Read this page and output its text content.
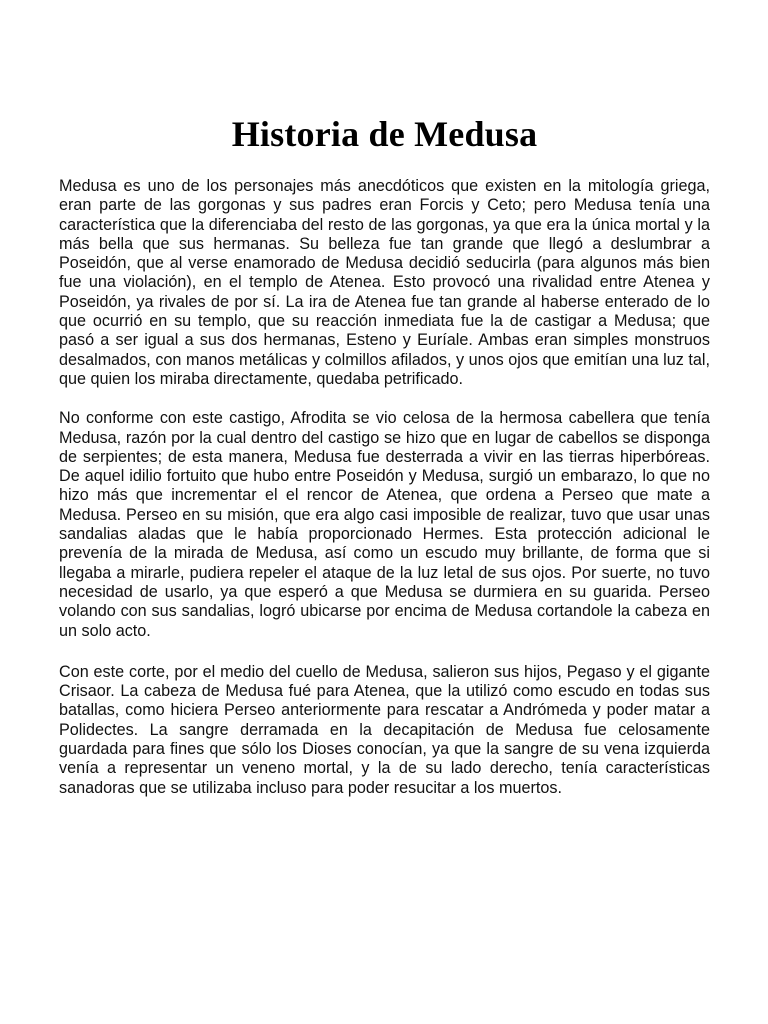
Historia de Medusa

Medusa es uno de los personajes más anecdóticos que existen en la mitología griega, eran parte de las gorgonas y sus padres eran Forcis y Ceto; pero Medusa tenía una característica que la diferenciaba del resto de las gorgonas, ya que era la única mortal y la más bella que sus hermanas. Su belleza fue tan grande que llegó a deslumbrar a Poseidón, que al verse enamorado de Medusa decidió seducirla (para algunos más bien fue una violación), en el templo de Atenea. Esto provocó una rivalidad entre Atenea y Poseidón, ya rivales de por sí. La ira de Atenea fue tan grande al haberse enterado de lo que ocurrió en su templo, que su reacción inmediata fue la de castigar a Medusa; que pasó a ser igual a sus dos hermanas, Esteno y Euríale. Ambas eran simples monstruos desalmados, con manos metálicas y colmillos afilados, y unos ojos que emitían una luz tal, que quien los miraba directamente, quedaba petrificado.

No conforme con este castigo, Afrodita se vio celosa de la hermosa cabellera que tenía Medusa, razón por la cual dentro del castigo se hizo que en lugar de cabellos se disponga de serpientes; de esta manera, Medusa fue desterrada a vivir en las tierras hiperbóreas. De aquel idilio fortuito que hubo entre Poseidón y Medusa, surgió un embarazo, lo que no hizo más que incrementar el el rencor de Atenea, que ordena a Perseo que mate a Medusa. Perseo en su misión, que era algo casi imposible de realizar, tuvo que usar unas sandalias aladas que le había proporcionado Hermes. Esta protección adicional le prevenía de la mirada de Medusa, así como un escudo muy brillante, de forma que si llegaba a mirarle, pudiera repeler el ataque de la luz letal de sus ojos. Por suerte, no tuvo necesidad de usarlo, ya que esperó a que Medusa se durmiera en su guarida. Perseo volando con sus sandalias, logró ubicarse por encima de Medusa cortandole la cabeza en un solo acto.

Con este corte, por el medio del cuello de Medusa, salieron sus hijos, Pegaso y el gigante Crisaor. La cabeza de Medusa fué para Atenea, que la utilizó como escudo en todas sus batallas, como hiciera Perseo anteriormente para rescatar a Andrómeda y poder matar a Polidectes. La sangre derramada en la decapitación de Medusa fue celosamente guardada para fines que sólo los Dioses conocían, ya que la sangre de su vena izquierda venía a representar un veneno mortal, y la de su lado derecho, tenía características sanadoras que se utilizaba incluso para poder resucitar a los muertos.
